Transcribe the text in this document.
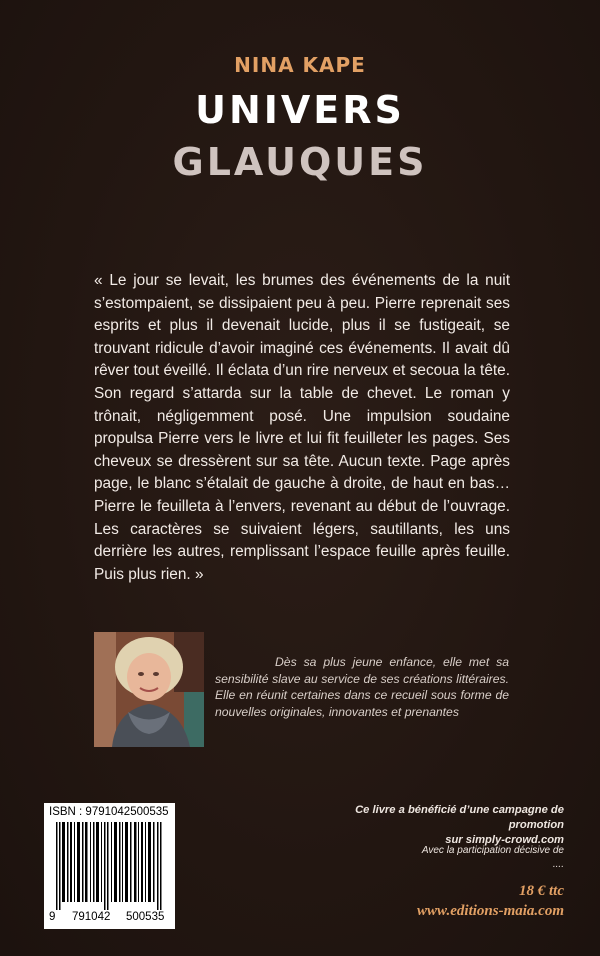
NINA KAPE
UNIVERS
GLAUQUES

« Le jour se levait, les brumes des événements de la nuit s’estompaient, se dissipaient peu à peu. Pierre reprenait ses esprits et plus il devenait lucide, plus il se fustigeait, se trouvant ridicule d’avoir imaginé ces événements. Il avait dû rêver tout éveillé. Il éclata d’un rire nerveux et secoua la tête. Son regard s’attarda sur la table de chevet. Le roman y trônait, négligemment posé. Une impulsion soudaine propulsa Pierre vers le livre et lui fit feuilleter les pages. Ses cheveux se dressèrent sur sa tête. Aucun texte. Page après page, le blanc s’étalait de gauche à droite, de haut en bas… Pierre le feuilleta à l’envers, revenant au début de l’ouvrage. Les caractères se suivaient légers, sautillants, les uns derrière les autres, remplissant l’espace feuille après feuille. Puis plus rien. »

Dès sa plus jeune enfance, elle met sa sensibilité slave au service de ses créations littéraires. Elle en réunit certaines dans ce recueil sous forme de nouvelles originales, innovantes et prenantes

ISBN : 9791042500535
9 791042 500535

Ce livre a bénéficié d’une campagne de promotion
sur simply-crowd.com

Avec la participation décisive de
....

18 € ttc
www.editions-maia.com
